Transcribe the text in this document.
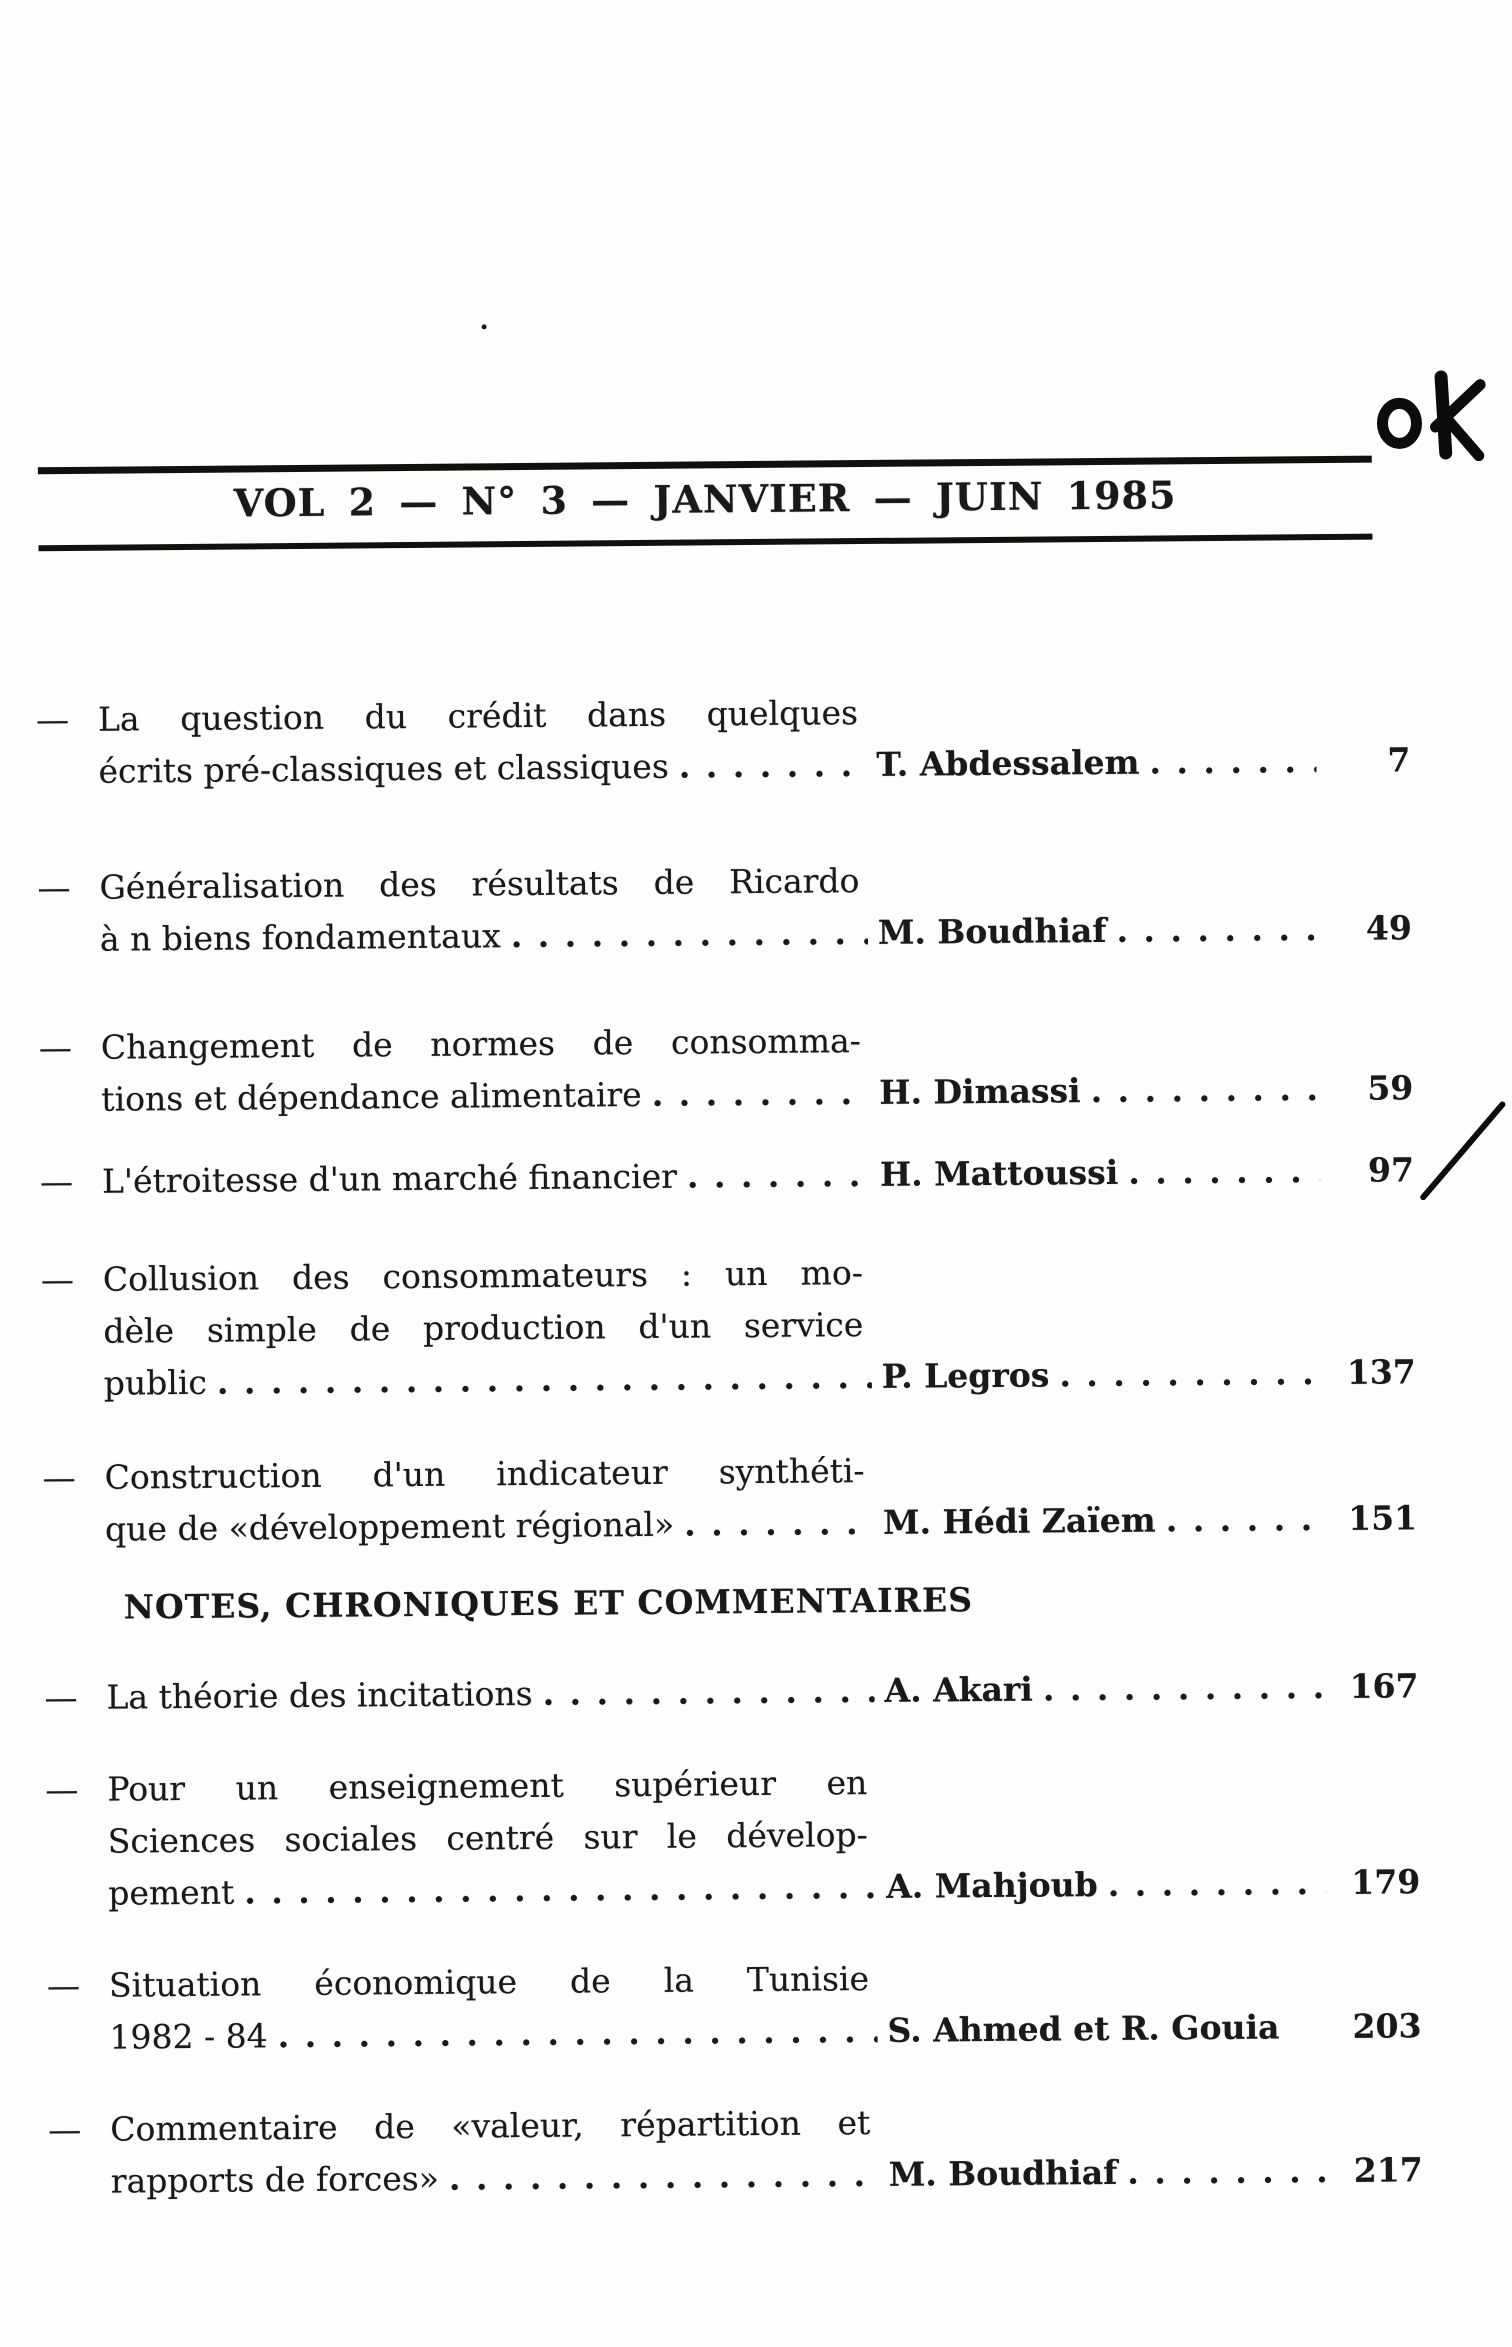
VOL 2 — N° 3 — JANVIER — JUIN 1985
— La question du crédit dans quelques
écrits pré-classiques et classiques . . .	T. Abdessalem . . .	7
— Généralisation des résultats de Ricardo
à n biens fondamentaux . . .	M. Boudhiaf . . .	49
— Changement de normes de consomma-
tions et dépendance alimentaire . . .	H. Dimassi . . .	59
— L'étroitesse d'un marché financier . . .	H. Mattoussi . . .	97
— Collusion des consommateurs : un mo-
dèle simple de production d'un service
public . . .	P. Legros . . .	137
— Construction d'un indicateur synthéti-
que de «développement régional» . . .	M. Hédi Zaïem . . .	151
NOTES, CHRONIQUES ET COMMENTAIRES
— La théorie des incitations . . .	A. Akari . . .	167
— Pour un enseignement supérieur en
Sciences sociales centré sur le dévelop-
pement . . .	A. Mahjoub . . .	179
— Situation économique de la Tunisie
1982 - 84 . . .	S. Ahmed et R. Gouia	203
— Commentaire de «valeur, répartition et
rapports de forces» . . .	M. Boudhiaf . . .	217
